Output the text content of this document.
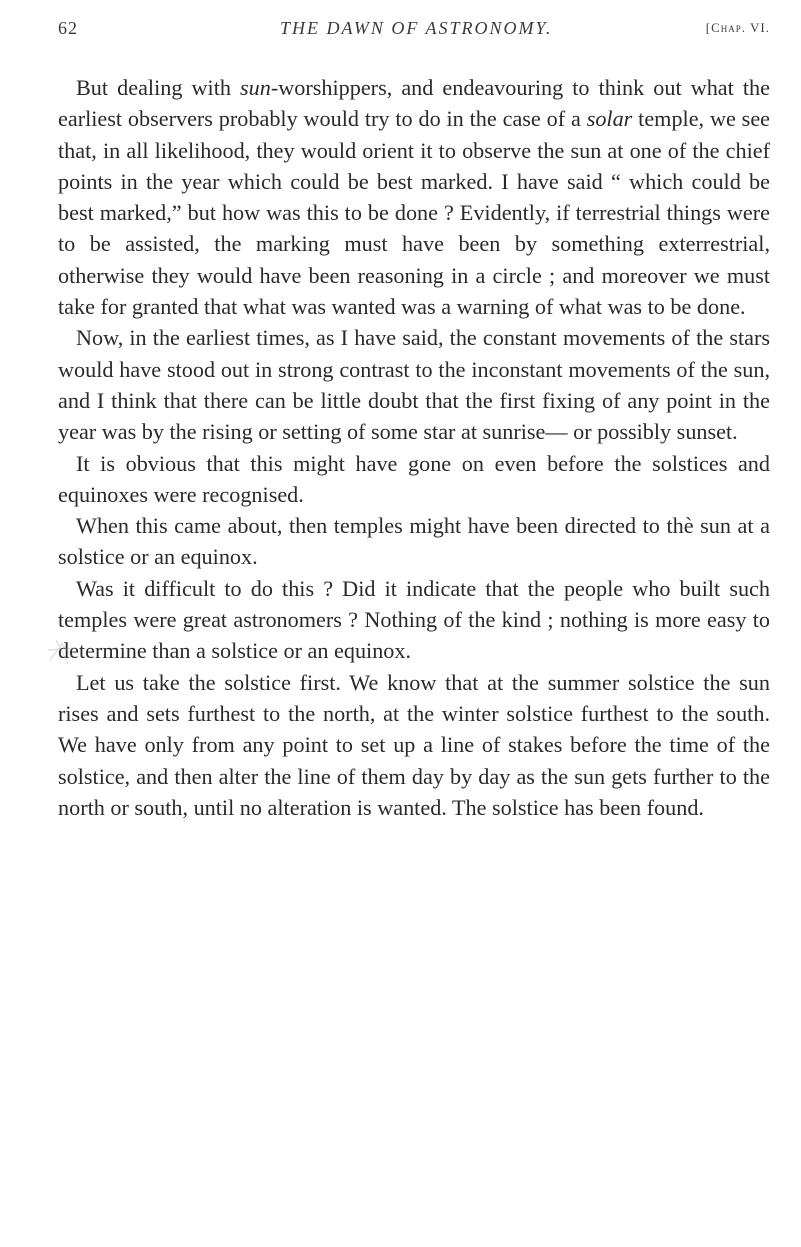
62	THE DAWN OF ASTRONOMY.	[Chap. VI.

But dealing with sun-worshippers, and endeavouring to think out what the earliest observers probably would try to do in the case of a solar temple, we see that, in all likelihood, they would orient it to observe the sun at one of the chief points in the year which could be best marked. I have said “ which could be best marked,” but how was this to be done ? Evidently, if terrestrial things were to be assisted, the marking must have been by something exterrestrial, otherwise they would have been reasoning in a circle ; and moreover we must take for granted that what was wanted was a warning of what was to be done.

Now, in the earliest times, as I have said, the constant movements of the stars would have stood out in strong contrast to the inconstant movements of the sun, and I think that there can be little doubt that the first fixing of any point in the year was by the rising or setting of some star at sunrise— or possibly sunset.

It is obvious that this might have gone on even before the solstices and equinoxes were recognised.

When this came about, then temples might have been directed to thè sun at a solstice or an equinox.

Was it difficult to do this ? Did it indicate that the people who built such temples were great astronomers ? Nothing of the kind ; nothing is more easy to determine than a solstice or an equinox.

Let us take the solstice first. We know that at the summer solstice the sun rises and sets furthest to the north, at the winter solstice furthest to the south. We have only from any point to set up a line of stakes before the time of the solstice, and then alter the line of them day by day as the sun gets further to the north or south, until no alteration is wanted. The solstice has been found.
